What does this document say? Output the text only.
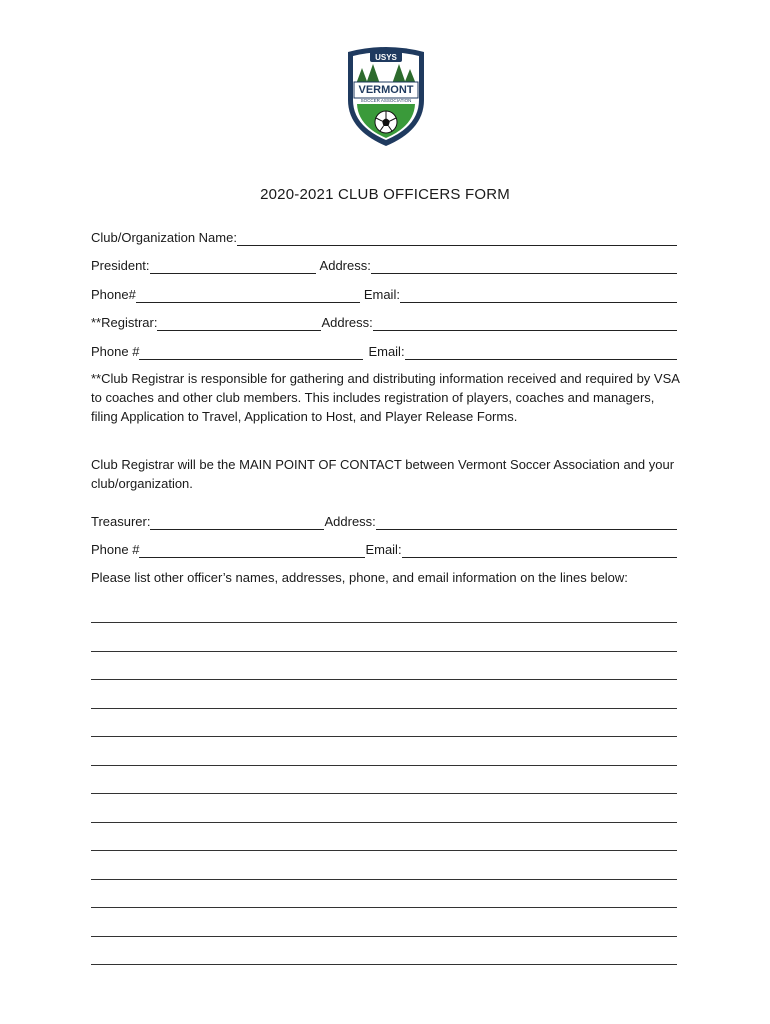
USYS
VERMONT
SOCCER ASSOCIATION
2020-2021 CLUB OFFICERS FORM
Club/Organization Name:
President:	Address:
Phone#	Email:
**Registrar:	Address:
Phone #	Email:
**Club Registrar is responsible for gathering and distributing information received and required by VSA to coaches and other club members. This includes registration of players, coaches and managers, filing Application to Travel, Application to Host, and Player Release Forms.
Club Registrar will be the MAIN POINT OF CONTACT between Vermont Soccer Association and your club/organization.
Treasurer:	Address:
Phone #	Email:
Please list other officer’s names, addresses, phone, and email information on the lines below:
